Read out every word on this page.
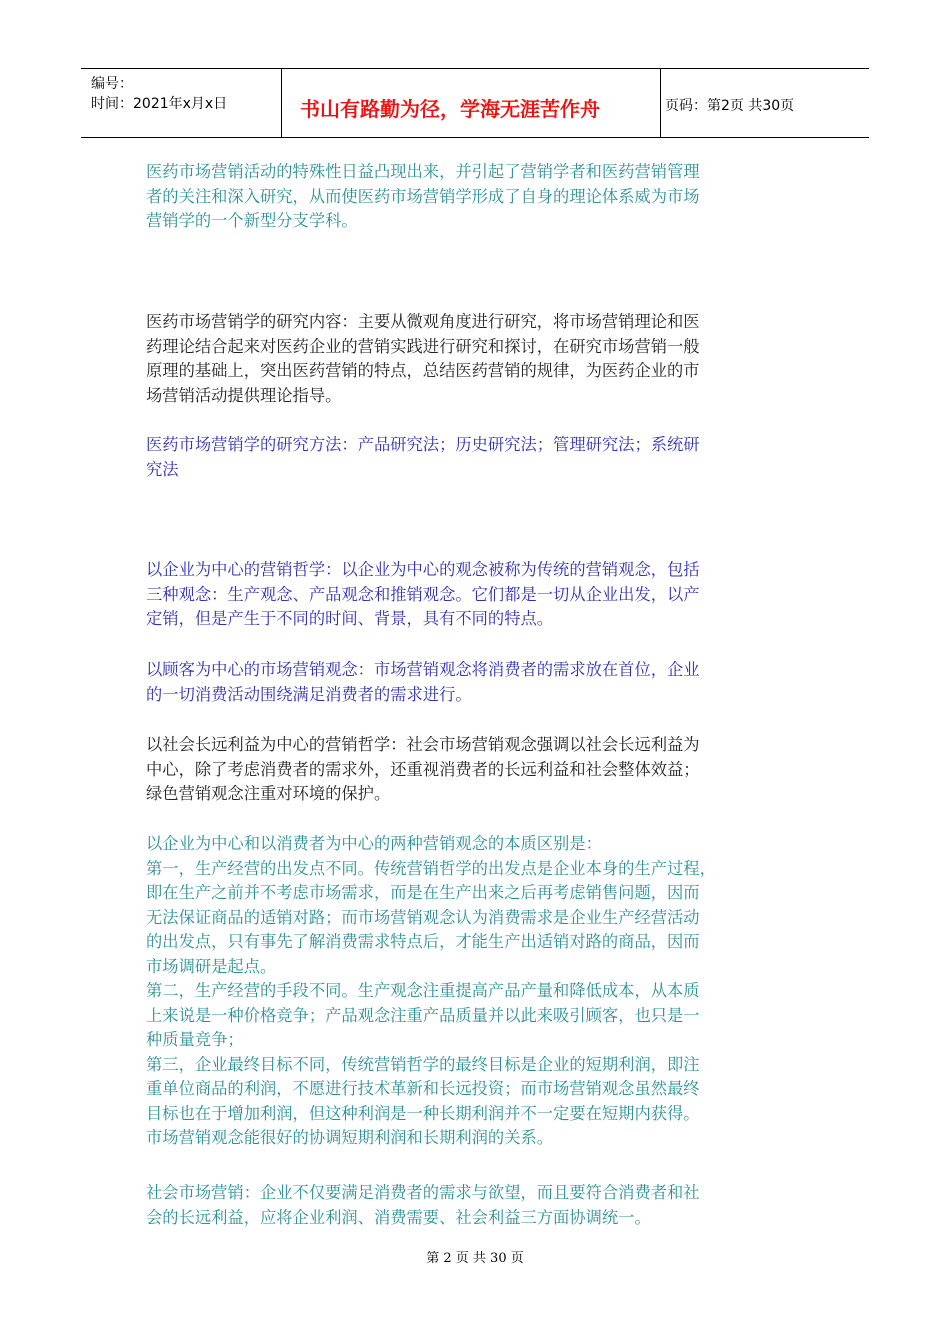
编号：
时间：2021年x月x日	书山有路勤为径，学海无涯苦作舟	页码：第2页 共30页
医药市场营销活动的特殊性日益凸现出来，并引起了营销学者和医药营销管理
者的关注和深入研究，从而使医药市场营销学形成了自身的理论体系威为市场
营销学的一个新型分支学科。
医药市场营销学的研究内容：主要从微观角度进行研究，将市场营销理论和医
药理论结合起来对医药企业的营销实践进行研究和探讨，在研究市场营销一般
原理的基础上，突出医药营销的特点，总结医药营销的规律，为医药企业的市
场营销活动提供理论指导。
医药市场营销学的研究方法：产品研究法；历史研究法；管理研究法；系统研
究法
以企业为中心的营销哲学：以企业为中心的观念被称为传统的营销观念，包括
三种观念：生产观念、产品观念和推销观念。它们都是一切从企业出发，以产
定销，但是产生于不同的时间、背景，具有不同的特点。
以顾客为中心的市场营销观念：市场营销观念将消费者的需求放在首位，企业
的一切消费活动围绕满足消费者的需求进行。
以社会长远利益为中心的营销哲学：社会市场营销观念强调以社会长远利益为
中心，除了考虑消费者的需求外，还重视消费者的长远利益和社会整体效益；
绿色营销观念注重对环境的保护。
以企业为中心和以消费者为中心的两种营销观念的本质区别是：
第一，生产经营的出发点不同。传统营销哲学的出发点是企业本身的生产过程，
即在生产之前并不考虑市场需求，而是在生产出来之后再考虑销售问题，因而
无法保证商品的适销对路；而市场营销观念认为消费需求是企业生产经营活动
的出发点，只有事先了解消费需求特点后，才能生产出适销对路的商品，因而
市场调研是起点。
第二，生产经营的手段不同。生产观念注重提高产品产量和降低成本，从本质
上来说是一种价格竞争；产品观念注重产品质量并以此来吸引顾客，也只是一
种质量竞争；
第三，企业最终目标不同，传统营销哲学的最终目标是企业的短期利润，即注
重单位商品的利润，不愿进行技术革新和长远投资；而市场营销观念虽然最终
目标也在于增加利润，但这种利润是一种长期利润并不一定要在短期内获得。
市场营销观念能很好的协调短期利润和长期利润的关系。
社会市场营销：企业不仅要满足消费者的需求与欲望，而且要符合消费者和社
会的长远利益，应将企业利润、消费需要、社会利益三方面协调统一。
第 2 页 共 30 页
